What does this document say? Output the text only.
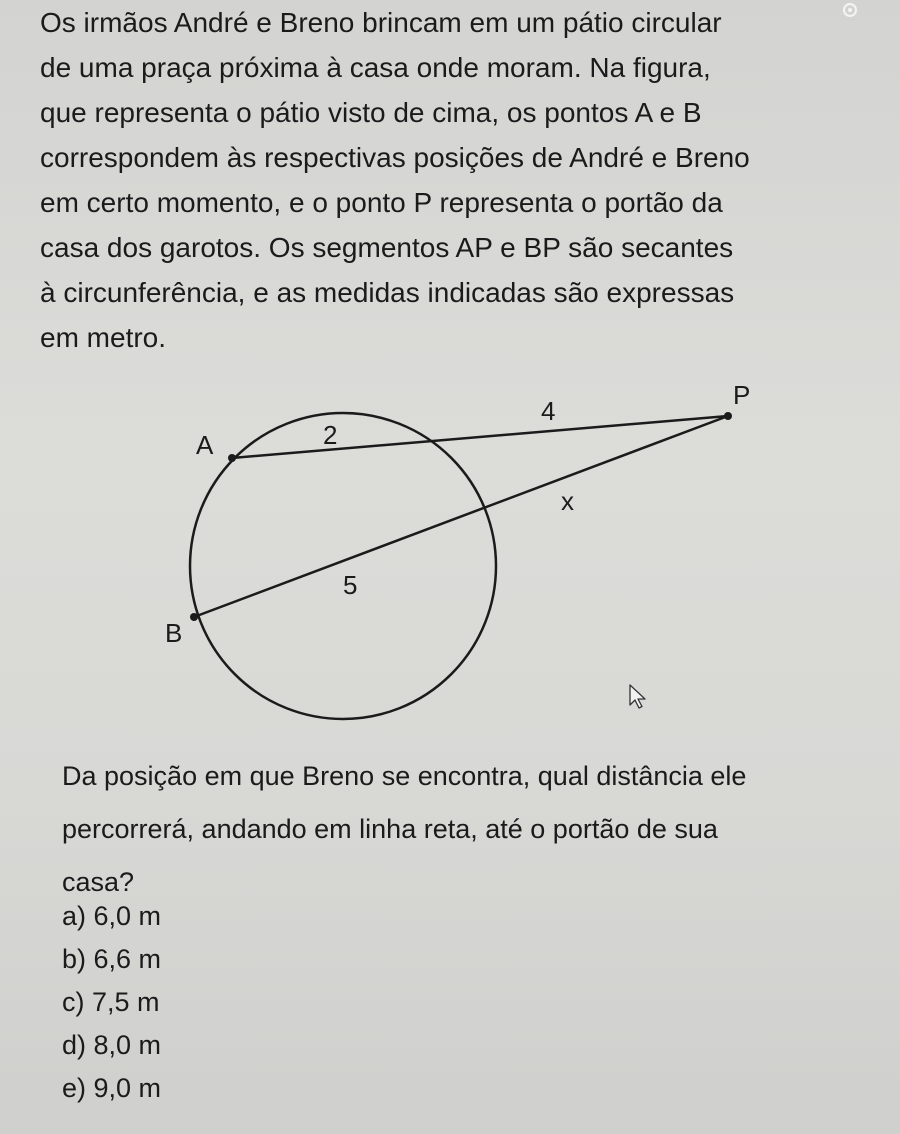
Os irmãos André e Breno brincam em um pátio circular
de uma praça próxima à casa onde moram. Na figura,
que representa o pátio visto de cima, os pontos A e B
correspondem às respectivas posições de André e Breno
em certo momento, e o ponto P representa o portão da
casa dos garotos. Os segmentos AP e BP são secantes
à circunferência, e as medidas indicadas são expressas
em metro.
A
B
P
2
4
5
x
Da posição em que Breno se encontra, qual distância ele
percorrerá, andando em linha reta, até o portão de sua
casa?
a) 6,0 m
b) 6,6 m
c) 7,5 m
d) 8,0 m
e) 9,0 m
